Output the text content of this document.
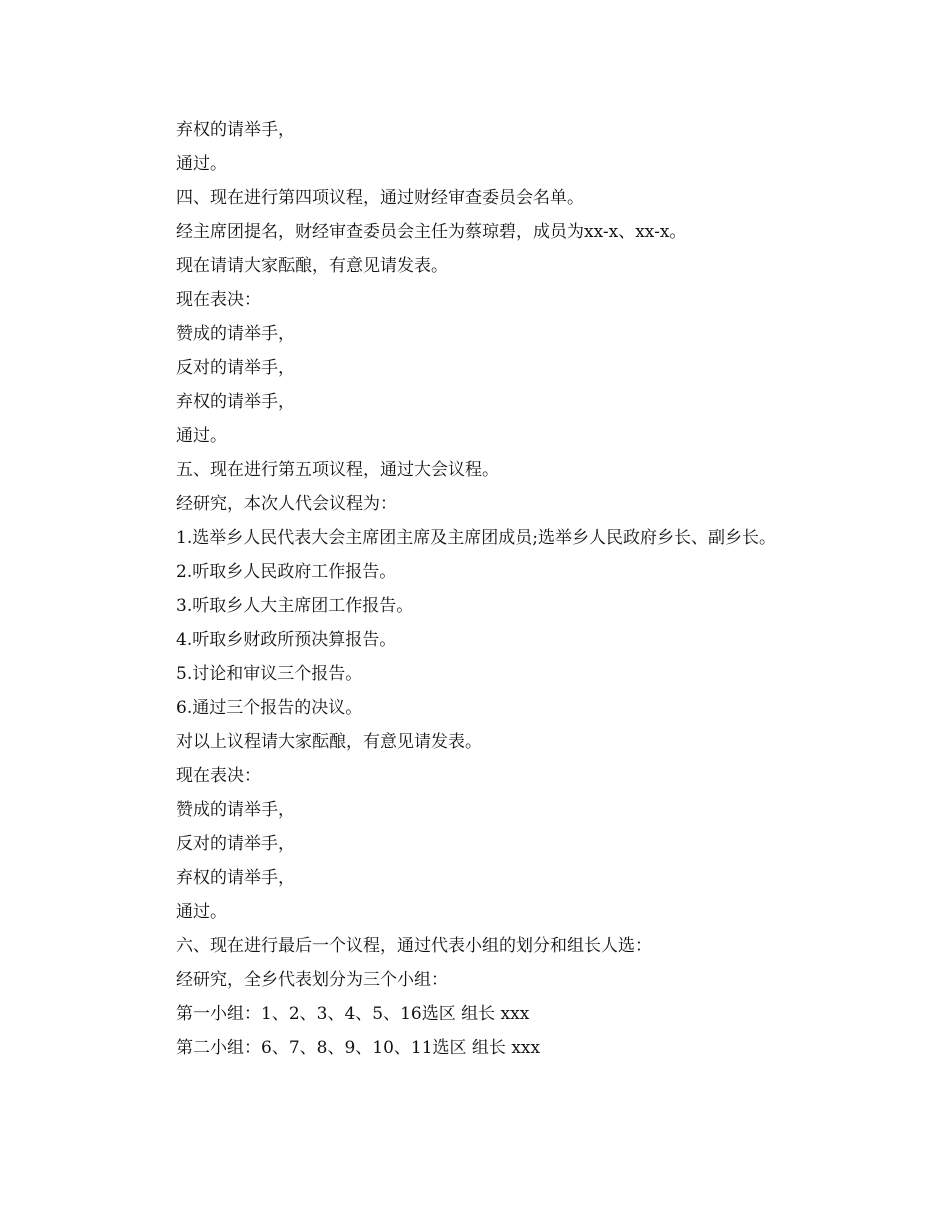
弃权的请举手，
通过。
四、现在进行第四项议程，通过财经审查委员会名单。
经主席团提名，财经审查委员会主任为蔡琼碧，成员为xx-x、xx-x。
现在请请大家酝酿，有意见请发表。
现在表决：
赞成的请举手，
反对的请举手，
弃权的请举手，
通过。
五、现在进行第五项议程，通过大会议程。
经研究，本次人代会议程为：
1.选举乡人民代表大会主席团主席及主席团成员;选举乡人民政府乡长、副乡长。
2.听取乡人民政府工作报告。
3.听取乡人大主席团工作报告。
4.听取乡财政所预决算报告。
5.讨论和审议三个报告。
6.通过三个报告的决议。
对以上议程请大家酝酿，有意见请发表。
现在表决：
赞成的请举手，
反对的请举手，
弃权的请举手，
通过。
六、现在进行最后一个议程，通过代表小组的划分和组长人选：
经研究，全乡代表划分为三个小组：
第一小组：1、2、3、4、5、16选区 组长 xxx
第二小组：6、7、8、9、10、11选区 组长 xxx
